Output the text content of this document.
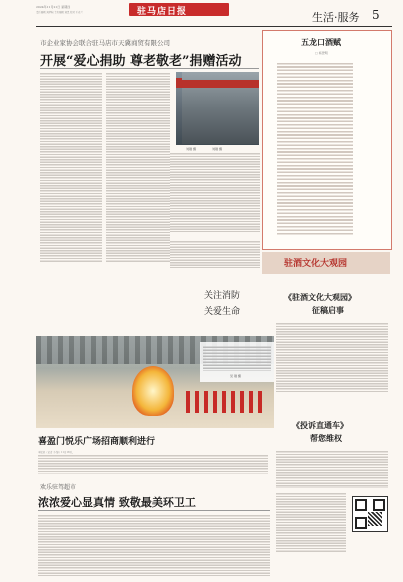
2024年11月21日 星期四
责任编辑 刘梦晗 美术编辑 刘思 校对 王光兰	驻马店日报	生活·服务 5
市企业家协会联合驻马店市天冀商贸有限公司
开展“爱心捐助 尊老敬老”捐赠活动
刘刚 摄	刘刚 摄
五龙口酒赋
□ 杨登明
驻酒文化大观园
关注消防
关爱生命
吴 刚 摄
喜盈门悦乐广场招商顺利进行
本报讯（记者 李 静）11月18日，
《驻酒文化大观园》
征稿启事
《投诉直通车》
帮您维权
欢乐驻驾超市
浓浓爱心显真情 致敬最美环卫工
